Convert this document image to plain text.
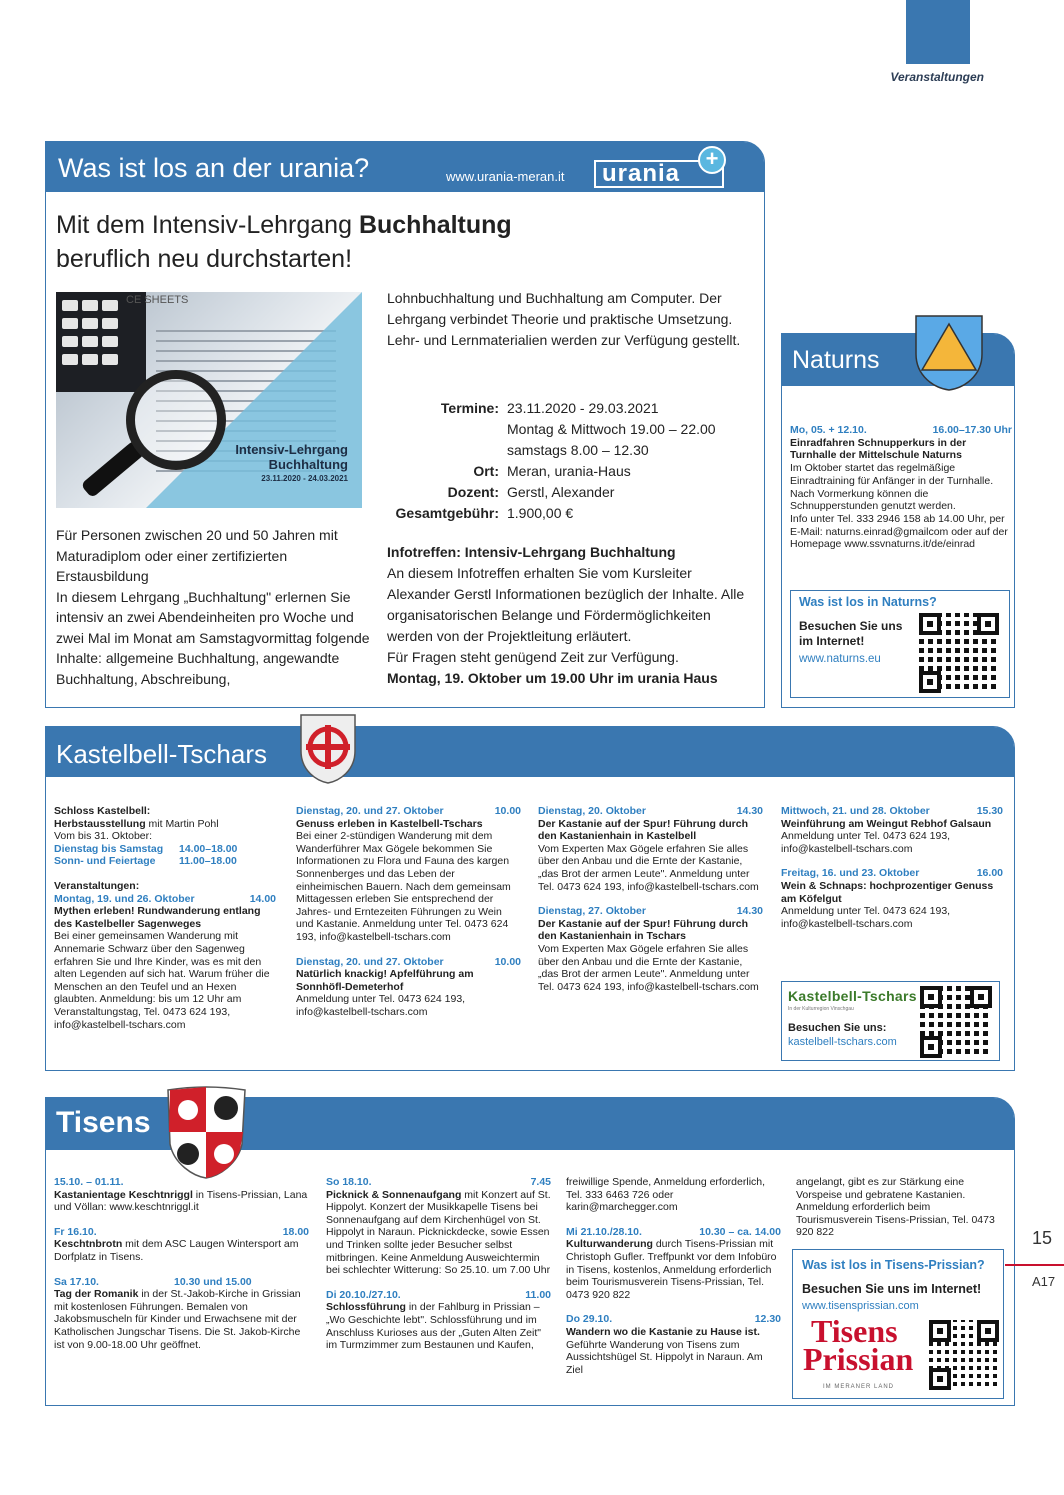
Veranstaltungen
Was ist los an der urania?	www.urania-meran.it urania
+
Mit dem Intensiv-Lehrgang Buchhaltung
beruflich neu durchstarten!
CE SHEETS
Intensiv-Lehrgang
Buchhaltung
23.11.2020 - 24.03.2021
Für Personen zwischen 20 und 50 Jahren mit Maturadiplom oder einer zertifizierten Erstausbildung
In diesem Lehrgang „Buchhaltung" erlernen Sie intensiv an zwei Abendeinheiten pro Woche und zwei Mal im Monat am Samstagvormittag folgende Inhalte: allgemeine Buchhaltung, angewandte Buchhaltung, Abschreibung,
Lohnbuchhaltung und Buchhaltung am Computer. Der Lehrgang verbindet Theorie und praktische Umsetzung. Lehr- und Lernmaterialien werden zur Verfügung gestellt.
Termine: 23.11.2020 - 29.03.2021
Montag & Mittwoch 19.00 – 22.00
samstags 8.00 – 12.30
Ort: Meran, urania-Haus
Dozent: Gerstl, Alexander
Gesamtgebühr: 1.900,00 €
Infotreffen: Intensiv-Lehrgang Buchhaltung
An diesem Infotreffen erhalten Sie vom Kursleiter Alexander Gerstl Informationen bezüglich der Inhalte. Alle organisatorischen Belange und Fördermöglichkeiten werden von der Projektleitung erläutert.
Für Fragen steht genügend Zeit zur Verfügung.
Montag, 19. Oktober um 19.00 Uhr im urania Haus
Naturns
Mo, 05. + 12.10.	16.00–17.30 Uhr
Einradfahren Schnupperkurs in der Turnhalle der Mittelschule Naturns
Im Oktober startet das regelmäßige Einradtraining für Anfänger in der Turnhalle. Nach Vormerkung können die Schnupperstunden genutzt werden.
Info unter Tel. 333 2946 158 ab 14.00 Uhr, per E-Mail: naturns.einrad@gmailcom oder auf der Homepage www.ssvnaturns.it/de/einrad
Was ist los in Naturns?
Besuchen Sie uns im Internet!
www.naturns.eu
Kastelbell-Tschars
Schloss Kastelbell:
Herbstausstellung mit Martin Pohl
Vom bis 31. Oktober:
Dienstag bis Samstag	14.00–18.00
Sonn- und Feiertage	11.00–18.00
Veranstaltungen:
Montag, 19. und 26. Oktober	14.00
Mythen erleben! Rundwanderung entlang des Kastelbeller Sagenweges
Bei einer gemeinsamen Wanderung mit Annemarie Schwarz über den Sagenweg erfahren Sie und Ihre Kinder, was es mit den alten Legenden auf sich hat. Warum früher die Menschen an den Teufel und an Hexen glaubten. Anmeldung: bis um 12 Uhr am Veranstaltungstag, Tel. 0473 624 193, info@kastelbell-tschars.com
Dienstag, 20. und 27. Oktober	10.00
Genuss erleben in Kastelbell-Tschars
Bei einer 2-stündigen Wanderung mit dem Wanderführer Max Gögele bekommen Sie Informationen zu Flora und Fauna des kargen Sonnenberges und das Leben der einheimischen Bauern. Nach dem gemeinsam Mittagessen erleben Sie entsprechend der Jahres- und Erntezeiten Führungen zu Wein und Kastanie. Anmeldung unter Tel. 0473 624 193, info@kastelbell-tschars.com
Dienstag, 20. und 27. Oktober	10.00
Natürlich knackig! Apfelführung am Sonnhöfl-Demeterhof
Anmeldung unter Tel. 0473 624 193, info@kastelbell-tschars.com
Dienstag, 20. Oktober	14.30
Der Kastanie auf der Spur! Führung durch den Kastanienhain in Kastelbell
Vom Experten Max Gögele erfahren Sie alles über den Anbau und die Ernte der Kastanie, „das Brot der armen Leute". Anmeldung unter Tel. 0473 624 193, info@kastelbell-tschars.com
Dienstag, 27. Oktober	14.30
Der Kastanie auf der Spur! Führung durch den Kastanienhain in Tschars
Vom Experten Max Gögele erfahren Sie alles über den Anbau und die Ernte der Kastanie, „das Brot der armen Leute". Anmeldung unter Tel. 0473 624 193, info@kastelbell-tschars.com
Mittwoch, 21. und 28. Oktober	15.30
Weinführung am Weingut Rebhof Galsaun
Anmeldung unter Tel. 0473 624 193, info@kastelbell-tschars.com
Freitag, 16. und 23. Oktober	16.00
Wein & Schnaps: hochprozentiger Genuss am Köfelgut
Anmeldung unter Tel. 0473 624 193, info@kastelbell-tschars.com
Kastelbell-Tschars
In der Kulturregion Vinschgau
Besuchen Sie uns:
kastelbell-tschars.com
Tisens
15.10. – 01.11.
Kastanientage Keschtnriggl in Tisens-Prissian, Lana und Völlan: www.keschtnriggl.it
Fr 16.10.	18.00
Keschtnbrotn mit dem ASC Laugen Wintersport am Dorfplatz in Tisens.
Sa 17.10.	10.30 und 15.00
Tag der Romanik in der St.-Jakob-Kirche in Grissian mit kostenlosen Führungen. Bemalen von Jakobsmuscheln für Kinder und Erwachsene mit der Katholischen Jungschar Tisens. Die St. Jakob-Kirche ist von 9.00-18.00 Uhr geöffnet.
So 18.10.	7.45
Picknick & Sonnenaufgang mit Konzert auf St. Hippolyt. Konzert der Musikkapelle Tisens bei Sonnenaufgang auf dem Kirchenhügel von St. Hippolyt in Naraun. Picknickdecke, sowie Essen und Trinken sollte jeder Besucher selbst mitbringen. Keine Anmeldung Ausweichtermin bei schlechter Witterung: So 25.10. um 7.00 Uhr
Di 20.10./27.10.	11.00
Schlossführung in der Fahlburg in Prissian – „Wo Geschichte lebt". Schlossführung und im Anschluss Kurioses aus der „Guten Alten Zeit" im Turmzimmer zum Bestaunen und Kaufen,
freiwillige Spende, Anmeldung erforderlich, Tel. 333 6463 726 oder karin@marchegger.com
Mi 21.10./28.10.	10.30 – ca. 14.00
Kulturwanderung durch Tisens-Prissian mit Christoph Gufler. Treffpunkt vor dem Infobüro in Tisens, kostenlos, Anmeldung erforderlich beim Tourismusverein Tisens-Prissian, Tel. 0473 920 822
Do 29.10.	12.30
Wandern wo die Kastanie zu Hause ist. Geführte Wanderung von Tisens zum Aussichtshügel St. Hippolyt in Naraun. Am Ziel
angelangt, gibt es zur Stärkung eine Vorspeise und gebratene Kastanien. Anmeldung erforderlich beim Tourismusverein Tisens-Prissian, Tel. 0473 920 822
Was ist los in Tisens-Prissian?
Besuchen Sie uns im Internet!
www.tisensprissian.com
Tisens
Prissian
IM MERANER LAND
15
A17
